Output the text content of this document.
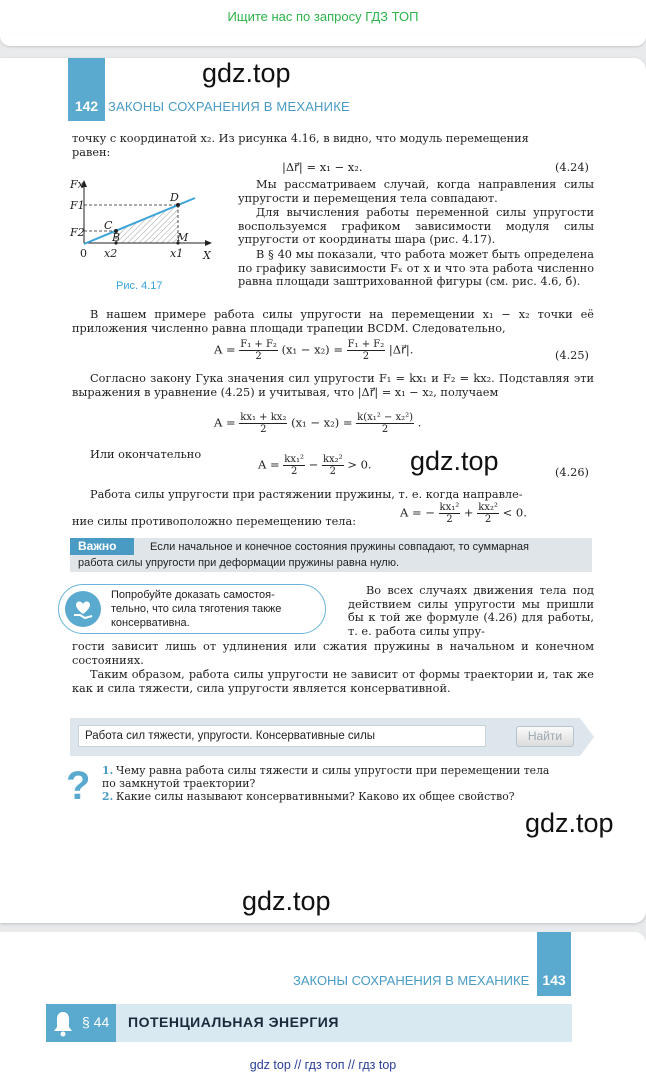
Ищите нас по запросу ГДЗ ТОП
142 ЗАКОНЫ СОХРАНЕНИЯ В МЕХАНИКЕ
gdz.top
точку с координатой x₂. Из рисунка 4.16, в видно, что модуль перемещения
равен:
|Δr⃗| = x₁ − x₂.	(4.24)
Fx
F1
F2
0 x2	x1 X
C
B
D
M
Рис. 4.17
Мы рассматриваем случай, когда направления силы упругости и перемещения тела совпадают.
Для вычисления работы переменной силы упругости воспользуемся графиком зависимости модуля силы упругости от координаты шара (рис. 4.17).
В § 40 мы показали, что работа может быть определена по графику зависимости Fₓ от x и что эта работа численно равна площади заштрихованной фигуры (см. рис. 4.6, б).
В нашем примере работа силы упругости на перемещении x₁ − x₂ точки её приложения численно равна площади трапеции BCDM. Следовательно,
$A = \frac{\text{F₁ + F₂}}{2} (x_1 - x_2) = \frac{\text{F₁ + F₂}}{2}$ |Δr⃗|.	(4.25)
Согласно закону Гука значения сил упругости F₁ = kx₁ и F₂ = kx₂. Подставляя эти выражения в уравнение (4.25) и учитывая, что |Δr⃗| = x₁ − x₂, получаем
$A = \frac{\text{kx₁ + kx₂}}{2} (x_1 - x_2) = \frac{\text{k(x₁² − x₂²)}}{2}$ .
Или окончательно
$A = \frac{\text{kx₁²}}{2} - \frac{\text{kx₂²}}{2} > 0$.
(4.26)
gdz.top
Работа силы упругости при растяжении пружины, т. е. когда направле-
ние силы противоположно перемещению тела:
A = − $\frac{\text{kx₁²}}{2} + \frac{\text{kx₂²}}{2} < 0$.
Важно	Если начальное и конечное состояния пружины совпадают, то суммарная
работа силы упругости при деформации пружины равна нулю.
Попробуйте доказать самостоя-
тельно, что сила тяготения также
консервативна.
Во всех случаях движения тела под действием силы упругости мы пришли бы к той же формуле (4.26) для работы, т. е. работа силы упру-
гости зависит лишь от удлинения или сжатия пружины в начальном и конечном состояниях.
Таким образом, работа силы упругости не зависит от формы траектории и, так же как и сила тяжести, сила упругости является консервативной.
Работа сил тяжести, упругости. Консервативные силы	Найти
? 1. Чему равна работа силы тяжести и силы упругости при перемещении тела
по замкнутой траектории?
2. Какие силы называют консервативными? Каково их общее свойство?
gdz.top
gdz.top
143
ЗАКОНЫ СОХРАНЕНИЯ В МЕХАНИКЕ
§ 44 ПОТЕНЦИАЛЬНАЯ ЭНЕРГИЯ
gdz top // гдз топ // гдз top
